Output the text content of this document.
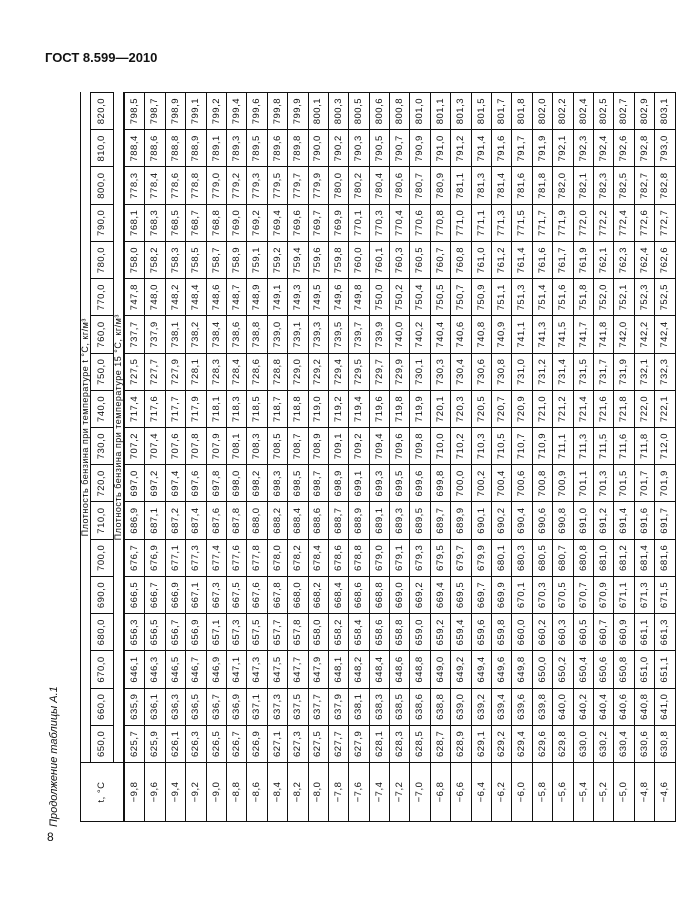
ГОСТ 8.599—2010
Продолжение таблицы А.1	t, °С	Плотность бензина при температуре t °С, кг/м³																	
	650,0	660,0	670,0	680,0	690,0	700,0	710,0	720,0	730,0	740,0	750,0	760,0	770,0	780,0	790,0	800,0	810,0	820,0
	Плотность бензина при температуре 15 °С, кг/м³																	
−9,8	625,7	635,9	646,1	656,3	666,5	676,7	686,9	697,0	707,2	717,4	727,5	737,7	747,8	758,0	768,1	778,3	788,4	798,5
−9,6	625,9	636,1	646,3	656,5	666,7	676,9	687,1	697,2	707,4	717,6	727,7	737,9	748,0	758,2	768,3	778,4	788,6	798,7
−9,4	626,1	636,3	646,5	656,7	666,9	677,1	687,2	697,4	707,6	717,7	727,9	738,1	748,2	758,3	768,5	778,6	788,8	798,9
−9,2	626,3	636,5	646,7	656,9	667,1	677,3	687,4	697,6	707,8	717,9	728,1	738,2	748,4	758,5	768,7	778,8	788,9	799,1
−9,0	626,5	636,7	646,9	657,1	667,3	677,4	687,6	697,8	707,9	718,1	728,3	738,4	748,6	758,7	768,8	779,0	789,1	799,2
−8,8	626,7	636,9	647,1	657,3	667,5	677,6	687,8	698,0	708,1	718,3	728,4	738,6	748,7	758,9	769,0	779,2	789,3	799,4
−8,6	626,9	637,1	647,3	657,5	667,6	677,8	688,0	698,2	708,3	718,5	728,6	738,8	748,9	759,1	769,2	779,3	789,5	799,6
−8,4	627,1	637,3	647,5	657,7	667,8	678,0	688,2	698,3	708,5	718,7	728,8	739,0	749,1	759,2	769,4	779,5	789,6	799,8
−8,2	627,3	637,5	647,7	657,8	668,0	678,2	688,4	698,5	708,7	718,8	729,0	739,1	749,3	759,4	769,6	779,7	789,8	799,9
−8,0	627,5	637,7	647,9	658,0	668,2	678,4	688,6	698,7	708,9	719,0	729,2	739,3	749,5	759,6	769,7	779,9	790,0	800,1
−7,8	627,7	637,9	648,1	658,2	668,4	678,6	688,7	698,9	709,1	719,2	729,4	739,5	749,6	759,8	769,9	780,0	790,2	800,3
−7,6	627,9	638,1	648,2	658,4	668,6	678,8	688,9	699,1	709,2	719,4	729,5	739,7	749,8	760,0	770,1	780,2	790,3	800,5
−7,4	628,1	638,3	648,4	658,6	668,8	679,0	689,1	699,3	709,4	719,6	729,7	739,9	750,0	760,1	770,3	780,4	790,5	800,6
−7,2	628,3	638,5	648,6	658,8	669,0	679,1	689,3	699,5	709,6	719,8	729,9	740,0	750,2	760,3	770,4	780,6	790,7	800,8
−7,0	628,5	638,6	648,8	659,0	669,2	679,3	689,5	699,6	709,8	719,9	730,1	740,2	750,4	760,5	770,6	780,7	790,9	801,0
−6,8	628,7	638,8	649,0	659,2	669,4	679,5	689,7	699,8	710,0	720,1	730,3	740,4	750,5	760,7	770,8	780,9	791,0	801,1
−6,6	628,9	639,0	649,2	659,4	669,5	679,7	689,9	700,0	710,2	720,3	730,4	740,6	750,7	760,8	771,0	781,1	791,2	801,3
−6,4	629,1	639,2	649,4	659,6	669,7	679,9	690,1	700,2	710,3	720,5	730,6	740,8	750,9	761,0	771,1	781,3	791,4	801,5
−6,2	629,2	639,4	649,6	659,8	669,9	680,1	690,2	700,4	710,5	720,7	730,8	740,9	751,1	761,2	771,3	781,4	791,6	801,7
−6,0	629,4	639,6	649,8	660,0	670,1	680,3	690,4	700,6	710,7	720,9	731,0	741,1	751,3	761,4	771,5	781,6	791,7	801,8
−5,8	629,6	639,8	650,0	660,2	670,3	680,5	690,6	700,8	710,9	721,0	731,2	741,3	751,4	761,6	771,7	781,8	791,9	802,0
−5,6	629,8	640,0	650,2	660,3	670,5	680,7	690,8	700,9	711,1	721,2	731,4	741,5	751,6	761,7	771,9	782,0	792,1	802,2
−5,4	630,0	640,2	650,4	660,5	670,7	680,8	691,0	701,1	711,3	721,4	731,5	741,7	751,8	761,9	772,0	782,1	792,3	802,4
−5,2	630,2	640,4	650,6	660,7	670,9	681,0	691,2	701,3	711,5	721,6	731,7	741,8	752,0	762,1	772,2	782,3	792,4	802,5
−5,0	630,4	640,6	650,8	660,9	671,1	681,2	691,4	701,5	711,6	721,8	731,9	742,0	752,1	762,3	772,4	782,5	792,6	802,7
−4,8	630,6	640,8	651,0	661,1	671,3	681,4	691,6	701,7	711,8	722,0	732,1	742,2	752,3	762,4	772,6	782,7	792,8	802,9
−4,6	630,8	641,0	651,1	661,3	671,5	681,6	691,7	701,9	712,0	722,1	732,3	742,4	752,5	762,6	772,7	782,8	793,0	803,1
8
